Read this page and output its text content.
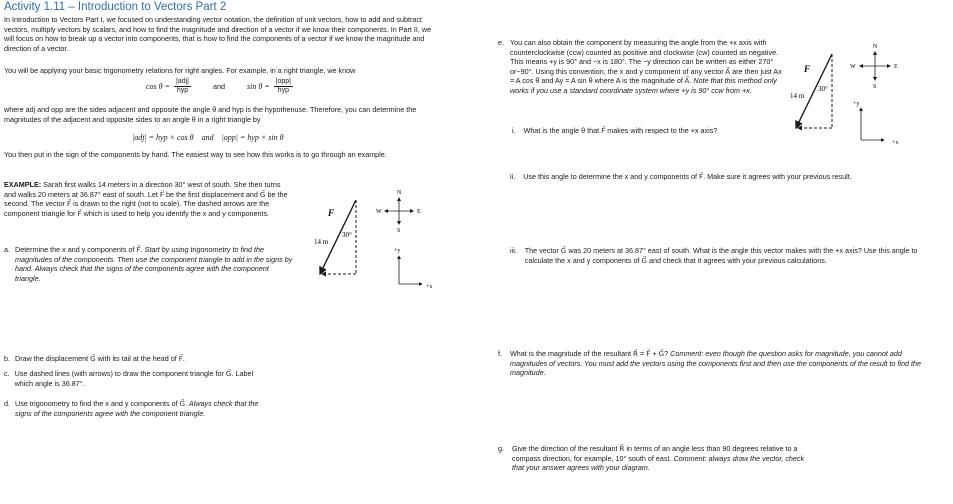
Activity 1.11 – Introduction to Vectors Part 2
In Introduction to Vectors Part I, we focused on understanding vector notation, the definition of unit vectors, how to add and subtract vectors, multiply vectors by scalars, and how to find the magnitude and direction of a vector if we know their components. In Part II, we will focus on how to break up a vector into components, that is how to find the components of a vector if we know the magnitude and direction of a vector.
You will be applying your basic trigonometry relations for right angles. For example, in a right triangle, we know
$\cos \theta = \frac{\text{|adj|}}{\text{hyp}}$	and	$\sin \theta = \frac{\text{|opp|}}{\text{hyp}}$
where adj and opp are the sides adjacent and opposite the angle θ and hyp is the hypothenuse. Therefore, you can determine the magnitudes of the adjacent and opposite sides to an angle θ in a right triangle by
|adj| = hyp × cos θ    and    |opp| = hyp × sin θ
You then put in the sign of the components by hand. The easiest way to see how this works is to go through an example.
EXAMPLE: Sarah first walks 14 meters in a direction 30° west of south. She then turns and walks 20 meters at 36.87° east of south. Let F⃗ be the first displacement and G⃗ be the second. The vector F⃗ is drawn to the right (not to scale). The dashed arrows are the component triangle for F⃗ which is used to help you identify the x and y components.
a. Determine the x and y components of F⃗. Start by using trigonometry to find the magnitudes of the components. Then use the component triangle to add in the signs by hand. Always check that the signs of the components agree with the component triangle.
b. Draw the displacement G⃗ with its tail at the head of F⃗.
c. Use dashed lines (with arrows) to draw the component triangle for G⃗. Label which angle is 36.87°.
d. Use trigonometry to find the x and y components of G⃗. Always check that the signs of the components agree with the component triangle.
F⃗
14 m
30°
N
S
W	E
+y
+x
e. You can also obtain the component by measuring the angle from the +x axis with counterclockwise (ccw) counted as positive and clockwise (cw) counted as negative. This means +y is 90° and −x is 180°. The −y direction can be written as either 270° or−90°. Using this convention, the x and y component of any vector A⃗ are then just Ax = A cos θ and Ay = A sin θ where A is the magnitude of A⃗. Note that this method only works if you use a standard coordinate system where +y is 90° ccw from +x.
i. What is the angle θ that F⃗ makes with respect to the +x axis?
ii. Use this angle to determine the x and y components of F⃗. Make sure it agrees with your previous result.
iii. The vector G⃗ was 20 meters at 36.87° east of south. What is the angle this vector makes with the +x axis? Use this angle to calculate the x and y components of G⃗ and check that it agrees with your previous calculations.
f. What is the magnitude of the resultant R⃗ = F⃗ + G⃗? Comment: even though the question asks for magnitude, you cannot add magnitudes of vectors. You must add the vectors using the components first and then use the components of the result to find the magnitude.
g. Give the direction of the resultant R⃗ in terms of an angle less than 90 degrees relative to a compass direction, for example, 10° south of east. Comment: always draw the vector, check that your answer agrees with your diagram.
F⃗
14 m
30°
N
S
W	E
+y
+x
